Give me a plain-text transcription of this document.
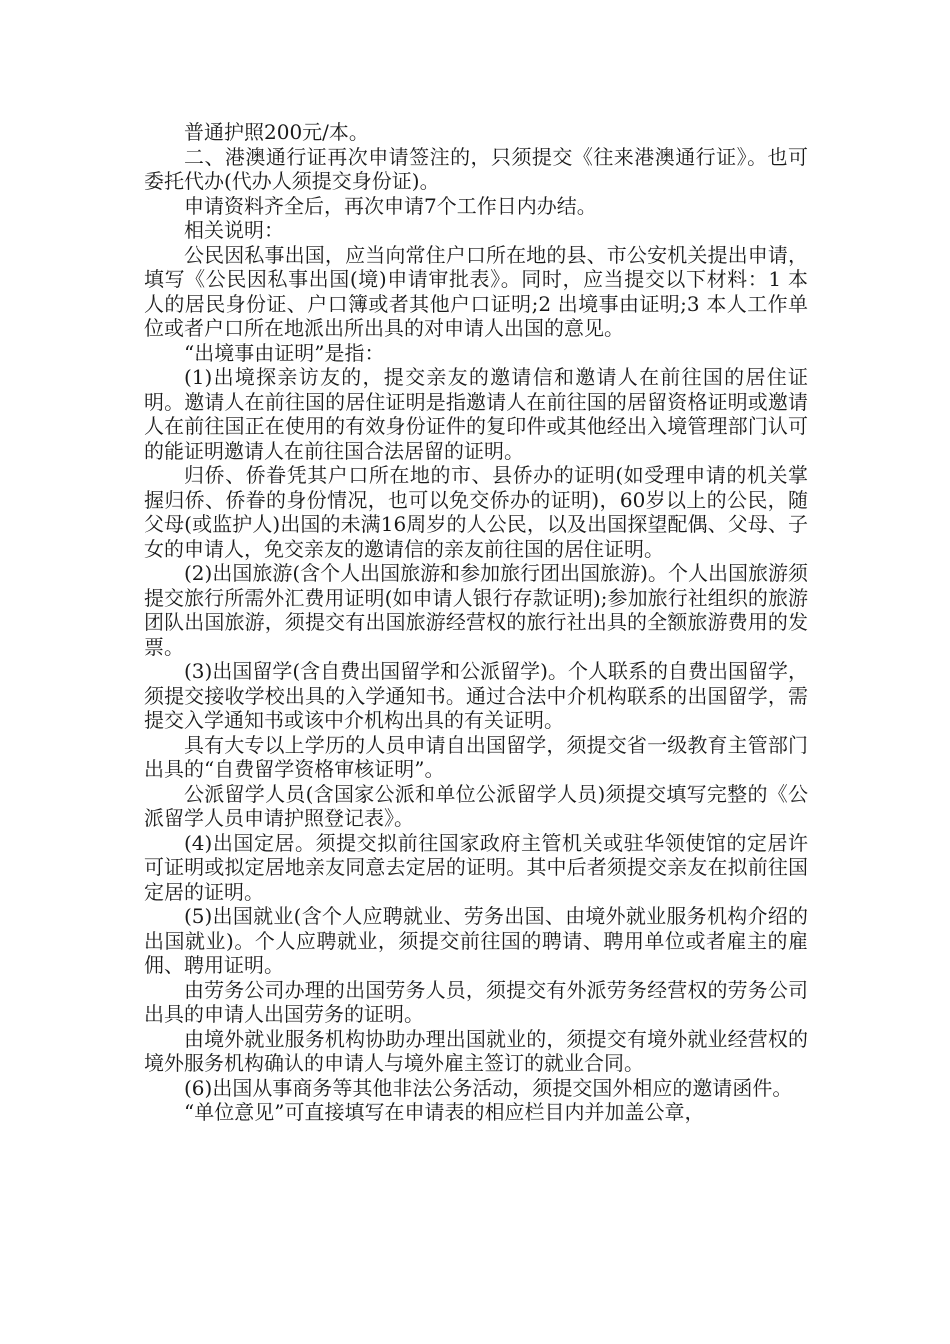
普通护照200元/本。

二、港澳通行证再次申请签注的，只须提交《往来港澳通行证》。也可委托代办(代办人须提交身份证)。

申请资料齐全后，再次申请7个工作日内办结。

相关说明：

公民因私事出国，应当向常住户口所在地的县、市公安机关提出申请，填写《公民因私事出国(境)申请审批表》。同时，应当提交以下材料：1 本人的居民身份证、户口簿或者其他户口证明;2 出境事由证明;3 本人工作单位或者户口所在地派出所出具的对申请人出国的意见。

“出境事由证明”是指：

(1)出境探亲访友的，提交亲友的邀请信和邀请人在前往国的居住证明。邀请人在前往国的居住证明是指邀请人在前往国的居留资格证明或邀请人在前往国正在使用的有效身份证件的复印件或其他经出入境管理部门认可的能证明邀请人在前往国合法居留的证明。

归侨、侨眷凭其户口所在地的市、县侨办的证明(如受理申请的机关掌握归侨、侨眷的身份情况，也可以免交侨办的证明)，60岁以上的公民，随父母(或监护人)出国的未满16周岁的人公民，以及出国探望配偶、父母、子女的申请人，免交亲友的邀请信的亲友前往国的居住证明。

(2)出国旅游(含个人出国旅游和参加旅行团出国旅游)。个人出国旅游须提交旅行所需外汇费用证明(如申请人银行存款证明);参加旅行社组织的旅游团队出国旅游，须提交有出国旅游经营权的旅行社出具的全额旅游费用的发票。

(3)出国留学(含自费出国留学和公派留学)。个人联系的自费出国留学，须提交接收学校出具的入学通知书。通过合法中介机构联系的出国留学，需提交入学通知书或该中介机构出具的有关证明。

具有大专以上学历的人员申请自出国留学，须提交省一级教育主管部门出具的“自费留学资格审核证明”。

公派留学人员(含国家公派和单位公派留学人员)须提交填写完整的《公派留学人员申请护照登记表》。

(4)出国定居。须提交拟前往国家政府主管机关或驻华领使馆的定居许可证明或拟定居地亲友同意去定居的证明。其中后者须提交亲友在拟前往国定居的证明。

(5)出国就业(含个人应聘就业、劳务出国、由境外就业服务机构介绍的出国就业)。个人应聘就业，须提交前往国的聘请、聘用单位或者雇主的雇佣、聘用证明。

由劳务公司办理的出国劳务人员，须提交有外派劳务经营权的劳务公司出具的申请人出国劳务的证明。

由境外就业服务机构协助办理出国就业的，须提交有境外就业经营权的境外服务机构确认的申请人与境外雇主签订的就业合同。

(6)出国从事商务等其他非法公务活动，须提交国外相应的邀请函件。

“单位意见”可直接填写在申请表的相应栏目内并加盖公章，
